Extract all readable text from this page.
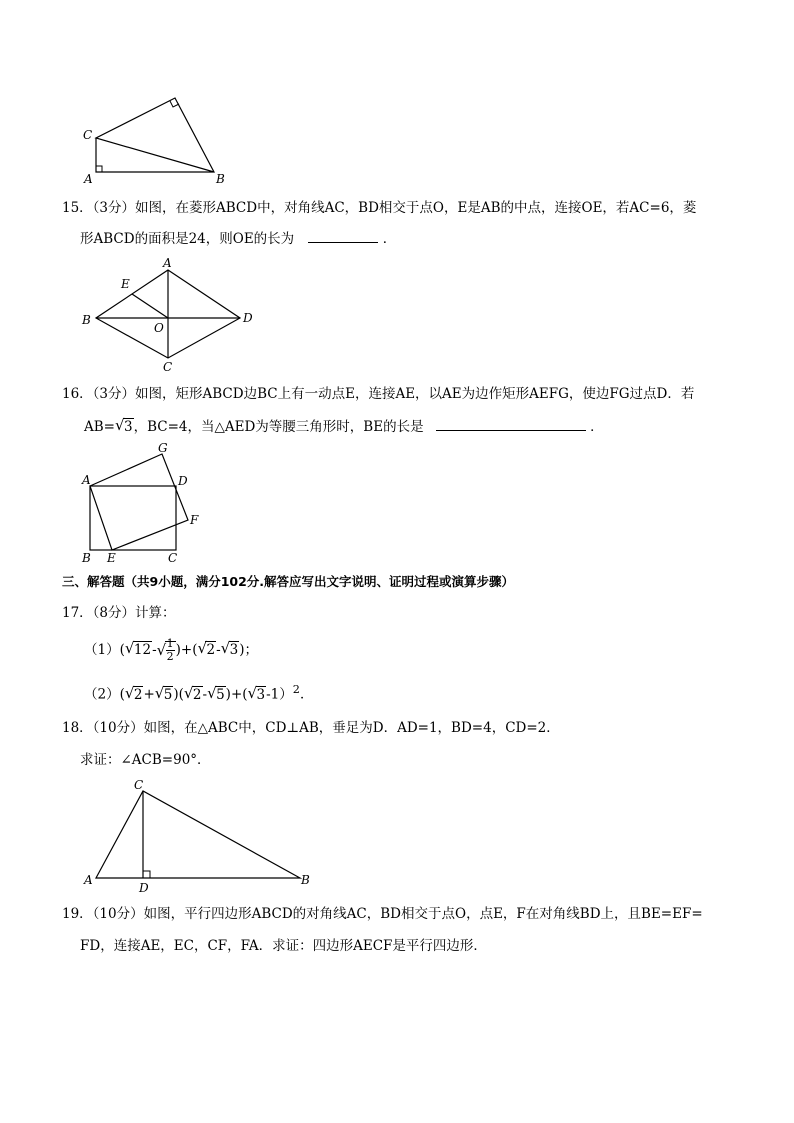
C
A	B
15．（3分）如图，在菱形ABCD中，对角线AC，BD相交于点O，E是AB的中点，连接OE，若AC=6，菱
形ABCD的面积是24，则OE的长为	．
A
E
B
O
D
C
16．（3分）如图，矩形ABCD边BC上有一动点E，连接AE，以AE为边作矩形AEFG，使边FG过点D．若
AB= √ 3，BC=4，当△AED为等腰三角形时，BE的长是	．
G
A	D
F
B E	C
三、解答题（共9小题，满分102分.解答应写出文字说明、证明过程或演算步骤）
17．（8分）计算：
（1）( √ 12- √ $\frac{1}{2}$ )+( √ 2- √ 3)；
（2）( √ 2+ √ 5)( √ 2- √ 5)+( √ 3-1）$^2$．
18．（10分）如图，在△ABC中，CD⊥AB，垂足为D．AD=1，BD=4，CD=2．
求证：∠ACB=90°．
C
A
D
B
19．（10分）如图，平行四边形ABCD的对角线AC，BD相交于点O，点E，F在对角线BD上，且BE=EF=
FD，连接AE，EC，CF，FA．求证：四边形AECF是平行四边形．
